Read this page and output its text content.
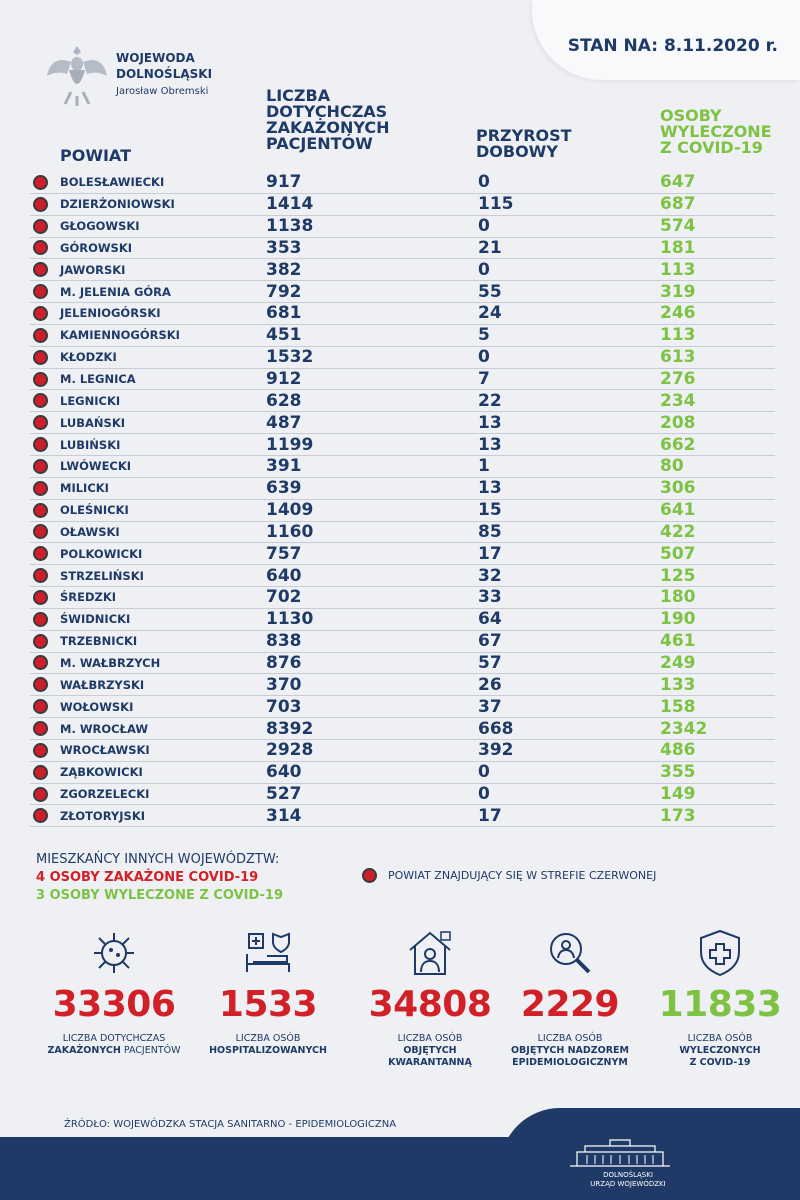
STAN NA: 8.11.2020 r.
WOJEWODA
DOLNOŚLĄSKI
Jarosław Obremski
POWIAT
LICZBA
DOTYCHCZAS
ZAKAŻONYCH
PACJENTÓW	PRZYROST
DOBOWY
OSOBY
WYLECZONE
Z COVID-19
BOLESŁAWIECKI	917	0	647
DZIERŻONIOWSKI	1414	115	687
GŁOGOWSKI	1138	0	574
GÓROWSKI	353	21	181
JAWORSKI	382	0	113
M. JELENIA GÓRA	792	55	319
JELENIOGÓRSKI	681	24	246
KAMIENNOGÓRSKI	451	5	113
KŁODZKI	1532	0	613
M. LEGNICA	912	7	276
LEGNICKI	628	22	234
LUBAŃSKI	487	13	208
LUBIŃSKI	1199	13	662
LWÓWECKI	391	1	80
MILICKI	639	13	306
OLEŚNICKI	1409	15	641
OŁAWSKI	1160	85	422
POLKOWICKI	757	17	507
STRZELIŃSKI	640	32	125
ŚREDZKI	702	33	180
ŚWIDNICKI	1130	64	190
TRZEBNICKI	838	67	461
M. WAŁBRZYCH	876	57	249
WAŁBRZYSKI	370	26	133
WOŁOWSKI	703	37	158
M. WROCŁAW	8392	668	2342
WROCŁAWSKI	2928	392	486
ZĄBKOWICKI	640	0	355
ZGORZELECKI	527	0	149
ZŁOTORYJSKI	314	17	173
MIESZKAŃCY INNYCH WOJEWÓDZTW:
4 OSOBY ZAKAŻONE COVID-19
3 OSOBY WYLECZONE Z COVID-19
POWIAT ZNAJDUJĄCY SIĘ W STREFIE CZERWONEJ
33306
LICZBA DOTYCHCZAS
ZAKAŻONYCH PACJENTÓW
1533
LICZBA OSÓB
HOSPITALIZOWANYCH
34808
LICZBA OSÓB
OBJĘTYCH
KWARANTANNĄ
2229
LICZBA OSÓB
OBJĘTYCH NADZOREM
EPIDEMIOLOGICZNYM
11833
LICZBA OSÓB
WYLECZONYCH
Z COVID-19
ŹRÓDŁO: WOJEWÓDZKA STACJA SANITARNO - EPIDEMIOLOGICZNA
DOLNOŚLĄSKI
URZĄD WOJEWÓDZKI
